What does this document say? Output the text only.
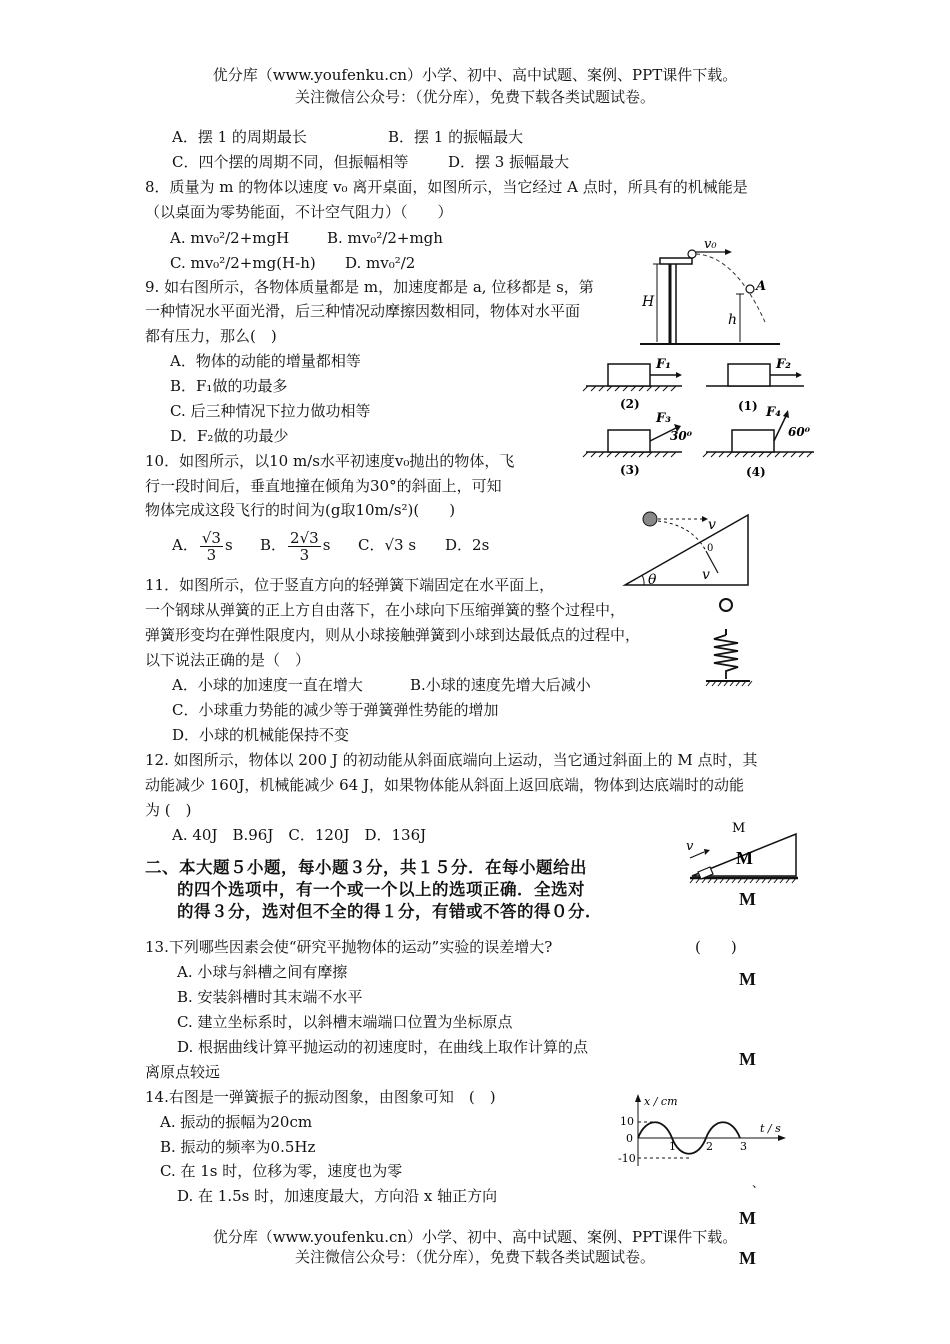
优分库（www.youfenku.cn）小学、初中、高中试题、案例、PPT课件下载。
关注微信公众号：（优分库），免费下载各类试题试卷。
A．摆 1 的周期最长	B．摆 1 的振幅最大
C．四个摆的周期不同，但振幅相等	D．摆 3 振幅最大
8．质量为 m 的物体以速度 v₀ 离开桌面，如图所示，当它经过 A 点时，所具有的机械能是
（以桌面为零势能面，不计空气阻力）（　　）
A. mv₀²/2+mgH	B. mv₀²/2+mgh
C. mv₀²/2+mg(H-h) D. mv₀²/2
v₀
H
h
A
9. 如右图所示，各物体质量都是 m，加速度都是 a, 位移都是 s，第
一种情况水平面光滑，后三种情况动摩擦因数相同，物体对水平面
都有压力，那么(　)
A．物体的动能的增量都相等
B．F₁做的功最多
C. 后三种情况下拉力做功相等
D．F₂做的功最少
F₁
(2)
F₂
(1)
F₃
30⁰
(3)
F₄
60⁰
(4)
10．如图所示，以10 m/s水平初速度v₀抛出的物体，飞
行一段时间后，垂直地撞在倾角为30°的斜面上，可知
物体完成这段飞行的时间为(g取10m/s²)(　　)
A． $\frac{√3}{3}$ s B． $\frac{2√3}{3}$ s C．√3 s D．2s
v
v
0
θ
11．如图所示，位于竖直方向的轻弹簧下端固定在水平面上，
一个钢球从弹簧的正上方自由落下，在小球向下压缩弹簧的整个过程中，
弹簧形变均在弹性限度内，则从小球接触弹簧到小球到达最低点的过程中，
以下说法正确的是（　）
A．小球的加速度一直在增大	B.小球的速度先增大后减小
C．小球重力势能的减少等于弹簧弹性势能的增加
D．小球的机械能保持不变
12. 如图所示，物体以 200 J 的初动能从斜面底端向上运动，当它通过斜面上的 M 点时，其
动能减少 160J，机械能减少 64 J，如果物体能从斜面上返回底端，物体到达底端时的动能
为 (　)
A. 40J　B.96J　C．120J　D．136J	M
v
M
二、本大题５小题，每小题３分，共１５分．在每小题给出
的四个选项中，有一个或一个以上的选项正确．全选对
的得３分，选对但不全的得１分，有错或不答的得０分．
13.下列哪些因素会使“研究平抛物体的运动”实验的误差增大?	(　　)
A. 小球与斜槽之间有摩擦
B. 安装斜槽时其末端不水平
C. 建立坐标系时，以斜槽末端端口位置为坐标原点
D. 根据曲线计算平抛运动的初速度时，在曲线上取作计算的点
离原点较远
14.右图是一弹簧振子的振动图象，由图象可知　(　)
A. 振动的振幅为20cm
B. 振动的频率为0.5Hz
C. 在 1s 时，位移为零，速度也为零
D. 在 1.5s 时，加速度最大，方向沿 x 轴正方向
x / cm
t / s
10
0
-10
1	2 3
M
M
M
、
M
M
优分库（www.youfenku.cn）小学、初中、高中试题、案例、PPT课件下载。
关注微信公众号：（优分库），免费下载各类试题试卷。
